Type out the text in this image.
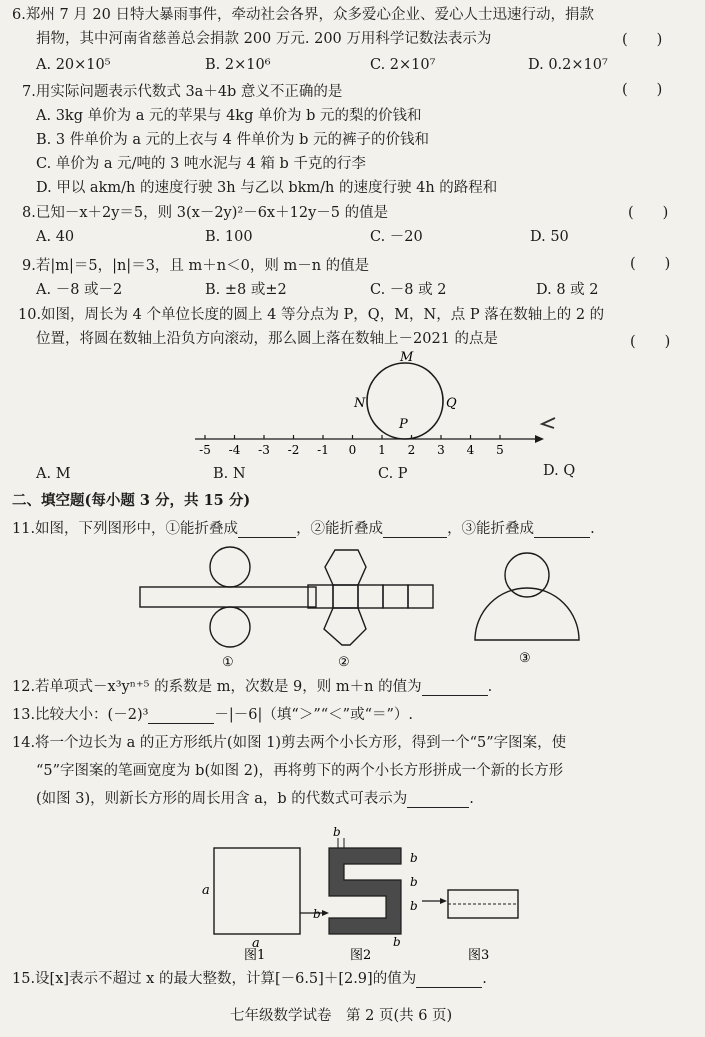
6.郑州 7 月 20 日特大暴雨事件，牵动社会各界，众多爱心企业、爱心人士迅速行动，捐款
捐物，其中河南省慈善总会捐款 200 万元. 200 万用科学记数法表示为	(　　)
A. 20×10⁵	B. 2×10⁶	C. 2×10⁷	D. 0.2×10⁷
7.用实际问题表示代数式 3a＋4b 意义不正确的是	(　　)
A. 3kg 单价为 a 元的苹果与 4kg 单价为 b 元的梨的价钱和
B. 3 件单价为 a 元的上衣与 4 件单价为 b 元的裤子的价钱和
C. 单价为 a 元/吨的 3 吨水泥与 4 箱 b 千克的行李
D. 甲以 akm/h 的速度行驶 3h 与乙以 bkm/h 的速度行驶 4h 的路程和
8.已知－x＋2y＝5，则 3(x－2y)²－6x＋12y－5 的值是	(　　)
A. 40	B. 100	C. －20	D. 50
9.若|m|＝5，|n|＝3，且 m＋n＜0，则 m－n 的值是	(　　)
A. －8 或－2	B. ±8 或±2	C. －8 或 2	D. 8 或 2
10.如图，周长为 4 个单位长度的圆上 4 等分点为 P，Q，M，N，点 P 落在数轴上的 2 的
位置，将圆在数轴上沿负方向滚动，那么圆上落在数轴上－2021 的点是	(　　)
M
N	Q
P
-5 -4 -3 -2 -1 0 1 2 3 4 5
A. M	B. N	C. P	D. Q
二、填空题(每小题 3 分，共 15 分)
11.如图，下列图形中，①能折叠成	，②能折叠成	，③能折叠成	.
①	②	③
12.若单项式－x³yⁿ⁺⁵ 的系数是 m，次数是 9，则 m＋n 的值为	.
13.比较大小：(－2)³	－|－6|（填“＞”“＜”或“＝”）.
14.将一个边长为 a 的正方形纸片(如图 1)剪去两个小长方形，得到一个“5”字图案，使
“5”字图案的笔画宽度为 b(如图 2)，再将剪下的两个小长方形拼成一个新的长方形
(如图 3)，则新长方形的周长用含 a，b 的代数式可表示为	.
a
a
图1
b
b
b
b
b
b
图2	图3
15.设[x]表示不超过 x 的最大整数，计算[－6.5]＋[2.9]的值为	.
七年级数学试卷　第 2 页(共 6 页)
